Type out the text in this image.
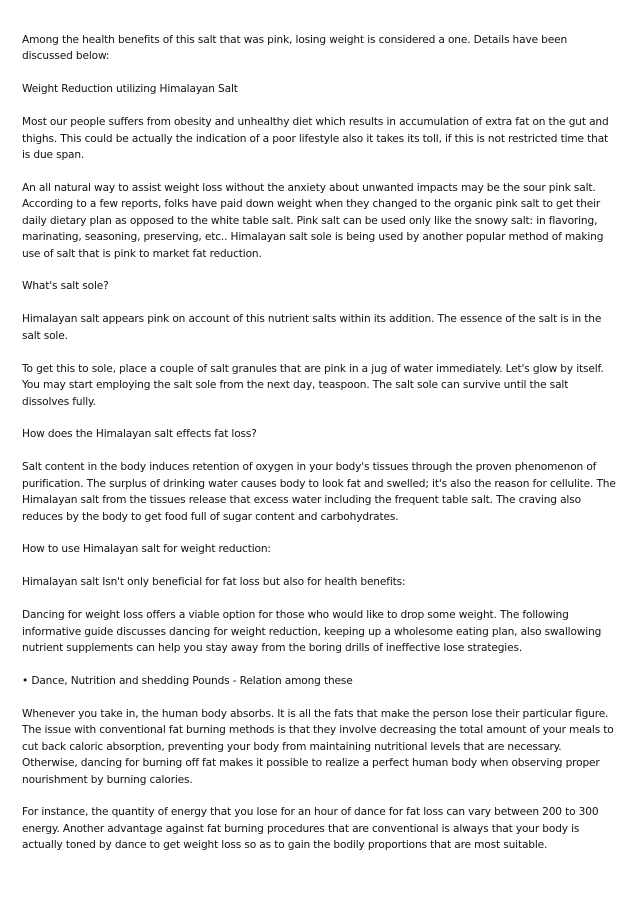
Among the health benefits of this salt that was pink, losing weight is considered a one. Details have been discussed below:

Weight Reduction utilizing Himalayan Salt

Most our people suffers from obesity and unhealthy diet which results in accumulation of extra fat on the gut and thighs. This could be actually the indication of a poor lifestyle also it takes its toll, if this is not restricted time that is due span.

An all natural way to assist weight loss without the anxiety about unwanted impacts may be the sour pink salt. According to a few reports, folks have paid down weight when they changed to the organic pink salt to get their daily dietary plan as opposed to the white table salt. Pink salt can be used only like the snowy salt: in flavoring, marinating, seasoning, preserving, etc.. Himalayan salt sole is being used by another popular method of making use of salt that is pink to market fat reduction.

What's salt sole?

Himalayan salt appears pink on account of this nutrient salts within its addition. The essence of the salt is in the salt sole.

To get this to sole, place a couple of salt granules that are pink in a jug of water immediately. Let's glow by itself. You may start employing the salt sole from the next day, teaspoon. The salt sole can survive until the salt dissolves fully.

How does the Himalayan salt effects fat loss?

Salt content in the body induces retention of oxygen in your body's tissues through the proven phenomenon of purification. The surplus of drinking water causes body to look fat and swelled; it's also the reason for cellulite. The Himalayan salt from the tissues release that excess water including the frequent table salt. The craving also reduces by the body to get food full of sugar content and carbohydrates.

How to use Himalayan salt for weight reduction:

Himalayan salt Isn't only beneficial for fat loss but also for health benefits:

Dancing for weight loss offers a viable option for those who would like to drop some weight. The following informative guide discusses dancing for weight reduction, keeping up a wholesome eating plan, also swallowing nutrient supplements can help you stay away from the boring drills of ineffective lose strategies.

• Dance, Nutrition and shedding Pounds - Relation among these

Whenever you take in, the human body absorbs. It is all the fats that make the person lose their particular figure. The issue with conventional fat burning methods is that they involve decreasing the total amount of your meals to cut back caloric absorption, preventing your body from maintaining nutritional levels that are necessary. Otherwise, dancing for burning off fat makes it possible to realize a perfect human body when observing proper nourishment by burning calories.

For instance, the quantity of energy that you lose for an hour of dance for fat loss can vary between 200 to 300 energy. Another advantage against fat burning procedures that are conventional is always that your body is actually toned by dance to get weight loss so as to gain the bodily proportions that are most suitable.
